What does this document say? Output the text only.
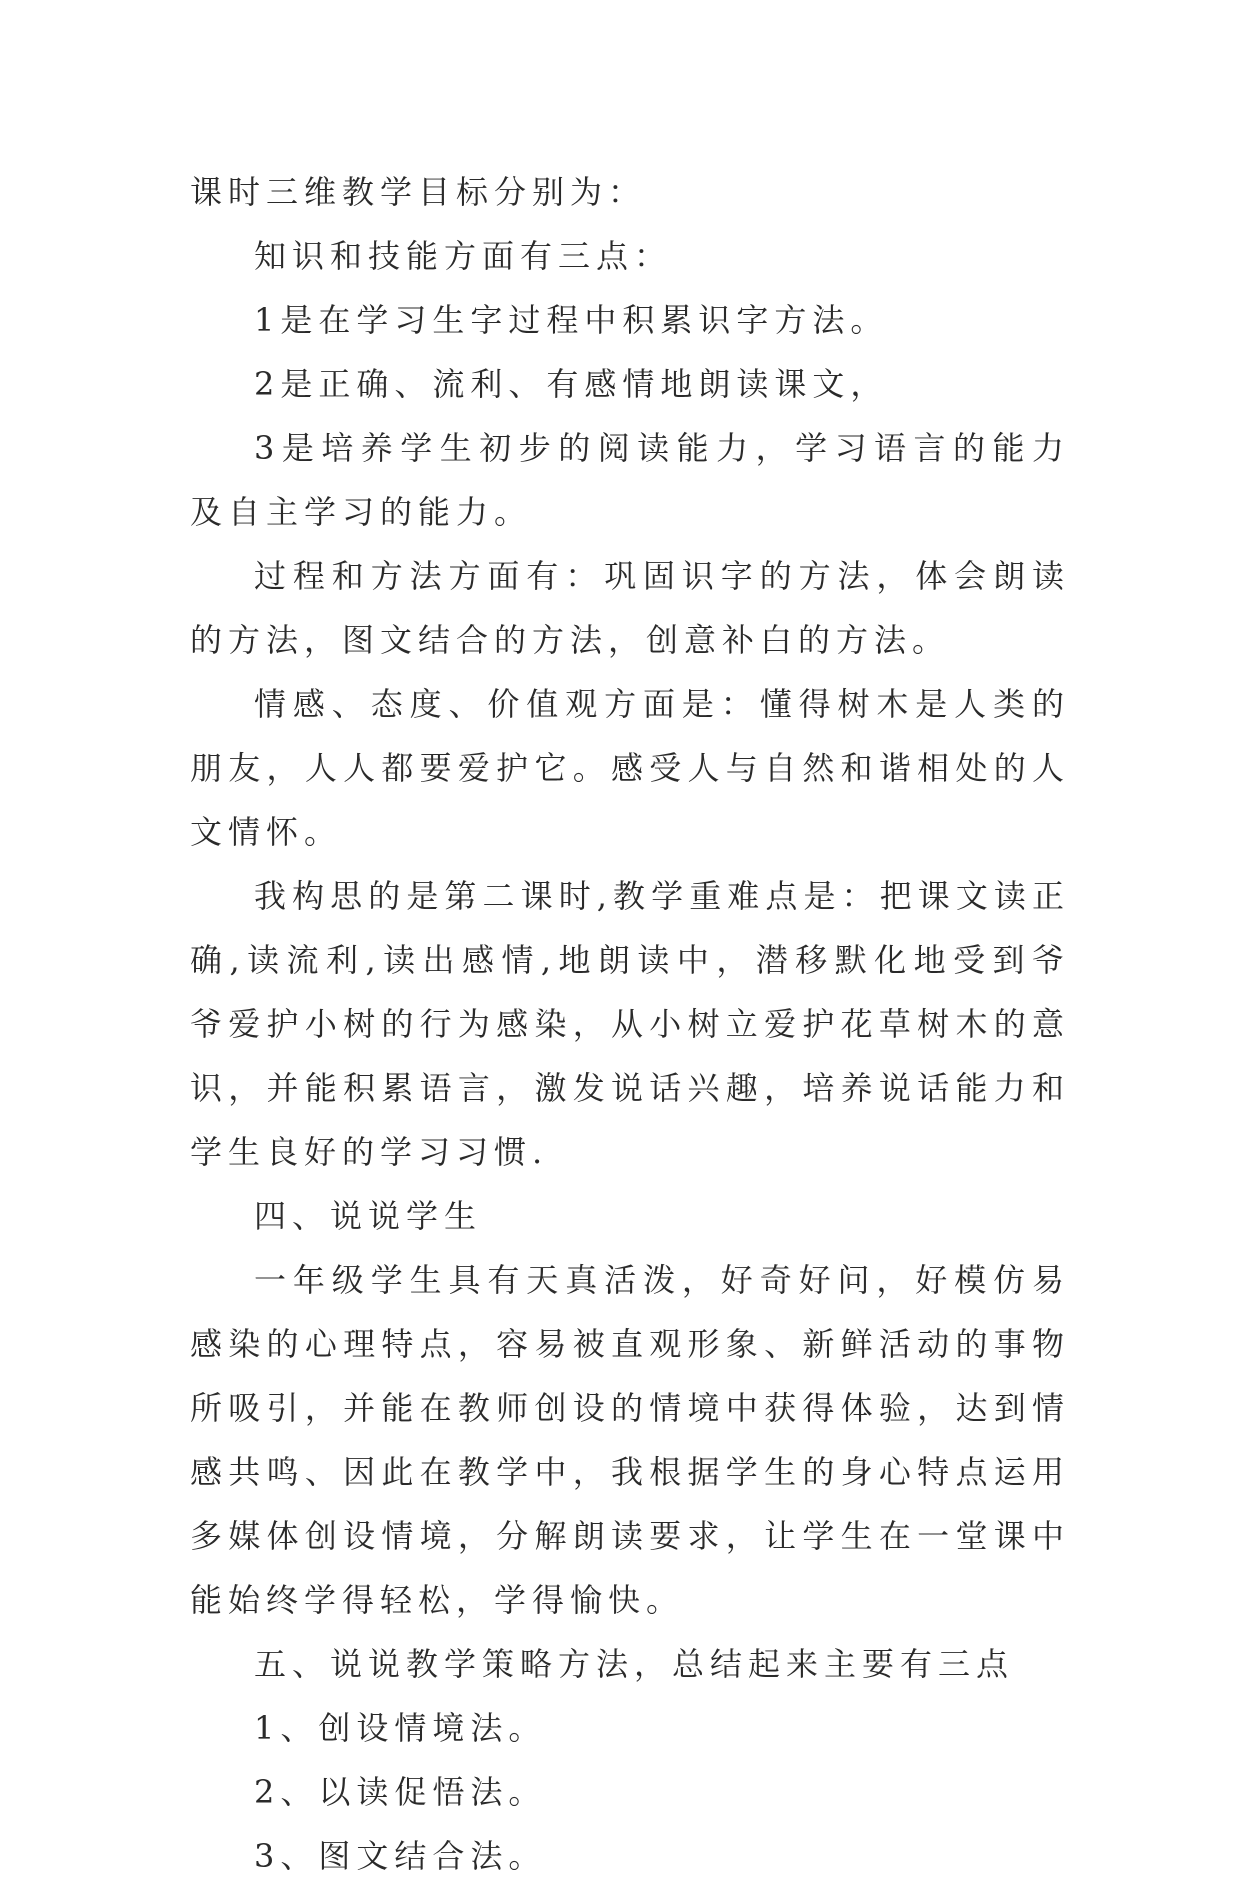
课时三维教学目标分别为：

知识和技能方面有三点：

1是在学习生字过程中积累识字方法。

2是正确、流利、有感情地朗读课文，

3是培养学生初步的阅读能力，学习语言的能力及自主学习的能力。

过程和方法方面有：巩固识字的方法，体会朗读的方法，图文结合的方法，创意补白的方法。

情感、态度、价值观方面是：懂得树木是人类的朋友，人人都要爱护它。感受人与自然和谐相处的人文情怀。

我构思的是第二课时,教学重难点是：把课文读正确,读流利,读出感情,地朗读中，潜移默化地受到爷爷爱护小树的行为感染，从小树立爱护花草树木的意识，并能积累语言，激发说话兴趣，培养说话能力和学生良好的学习习惯.

四、说说学生

一年级学生具有天真活泼，好奇好问，好模仿易感染的心理特点，容易被直观形象、新鲜活动的事物所吸引，并能在教师创设的情境中获得体验，达到情感共鸣、因此在教学中，我根据学生的身心特点运用多媒体创设情境，分解朗读要求，让学生在一堂课中能始终学得轻松，学得愉快。

五、说说教学策略方法，总结起来主要有三点

1、创设情境法。

2、以读促悟法。

3、图文结合法。
